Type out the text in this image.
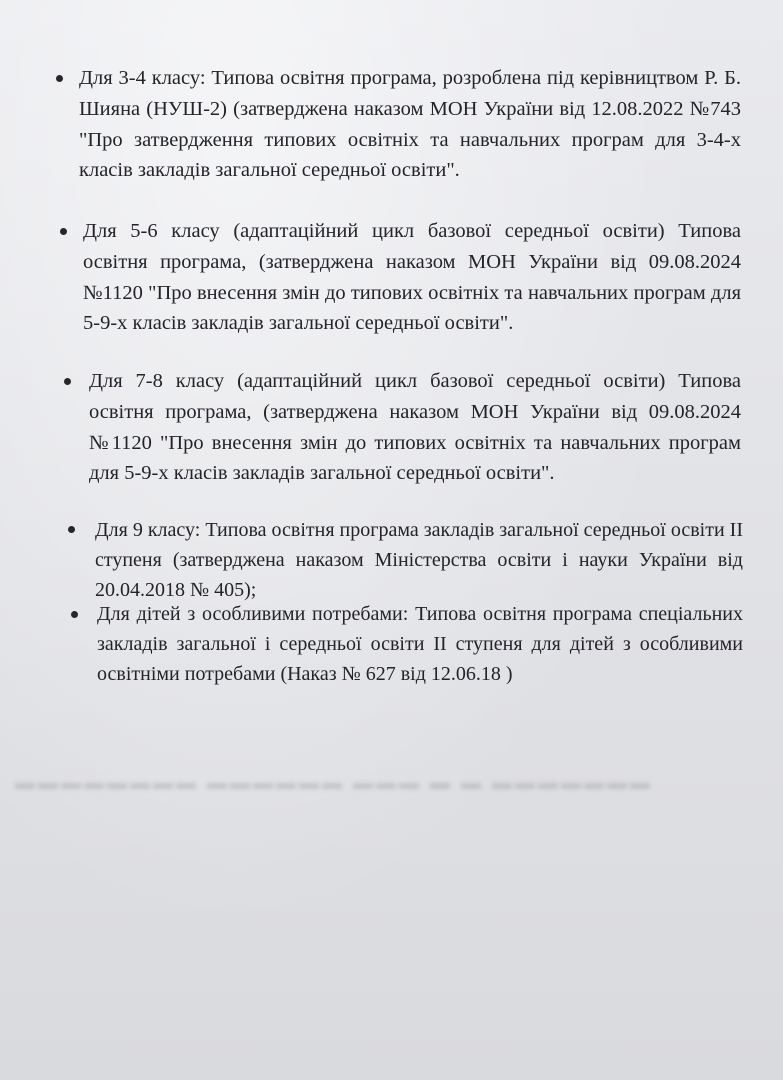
▬▬▬▬▬▬▬ ▬ ▬ ▬▬▬ ▬▬▬▬▬▬ ▬▬▬▬▬▬▬▬
Для 3-4 класу: Типова освітня програма, розроблена під керівництвом Р. Б. Шияна (НУШ-2) (затверджена наказом МОН України від 12.08.2022 №743 "Про затвердження типових освітніх та навчальних програм для 3-4-х класів закладів загальної середньої освіти".
Для 5-6 класу (адаптаційний цикл базової середньої освіти) Типова освітня програма, (затверджена наказом МОН України від 09.08.2024 №1120 "Про внесення змін до типових освітніх та навчальних програм для 5-9-х класів закладів загальної середньої освіти".
Для 7-8 класу (адаптаційний цикл базової середньої освіти) Типова освітня програма, (затверджена наказом МОН України від 09.08.2024 №1120 "Про внесення змін до типових освітніх та навчальних програм для 5-9-х класів закладів загальної середньої освіти".
Для 9 класу: Типова освітня програма закладів загальної середньої освіти II ступеня (затверджена наказом Міністерства освіти і науки України від 20.04.2018 № 405);
Для дітей з особливими потребами: Типова освітня програма спеціальних закладів загальної і середньої освіти II ступеня для дітей з особливими освітніми потребами (Наказ № 627 від 12.06.18 )
